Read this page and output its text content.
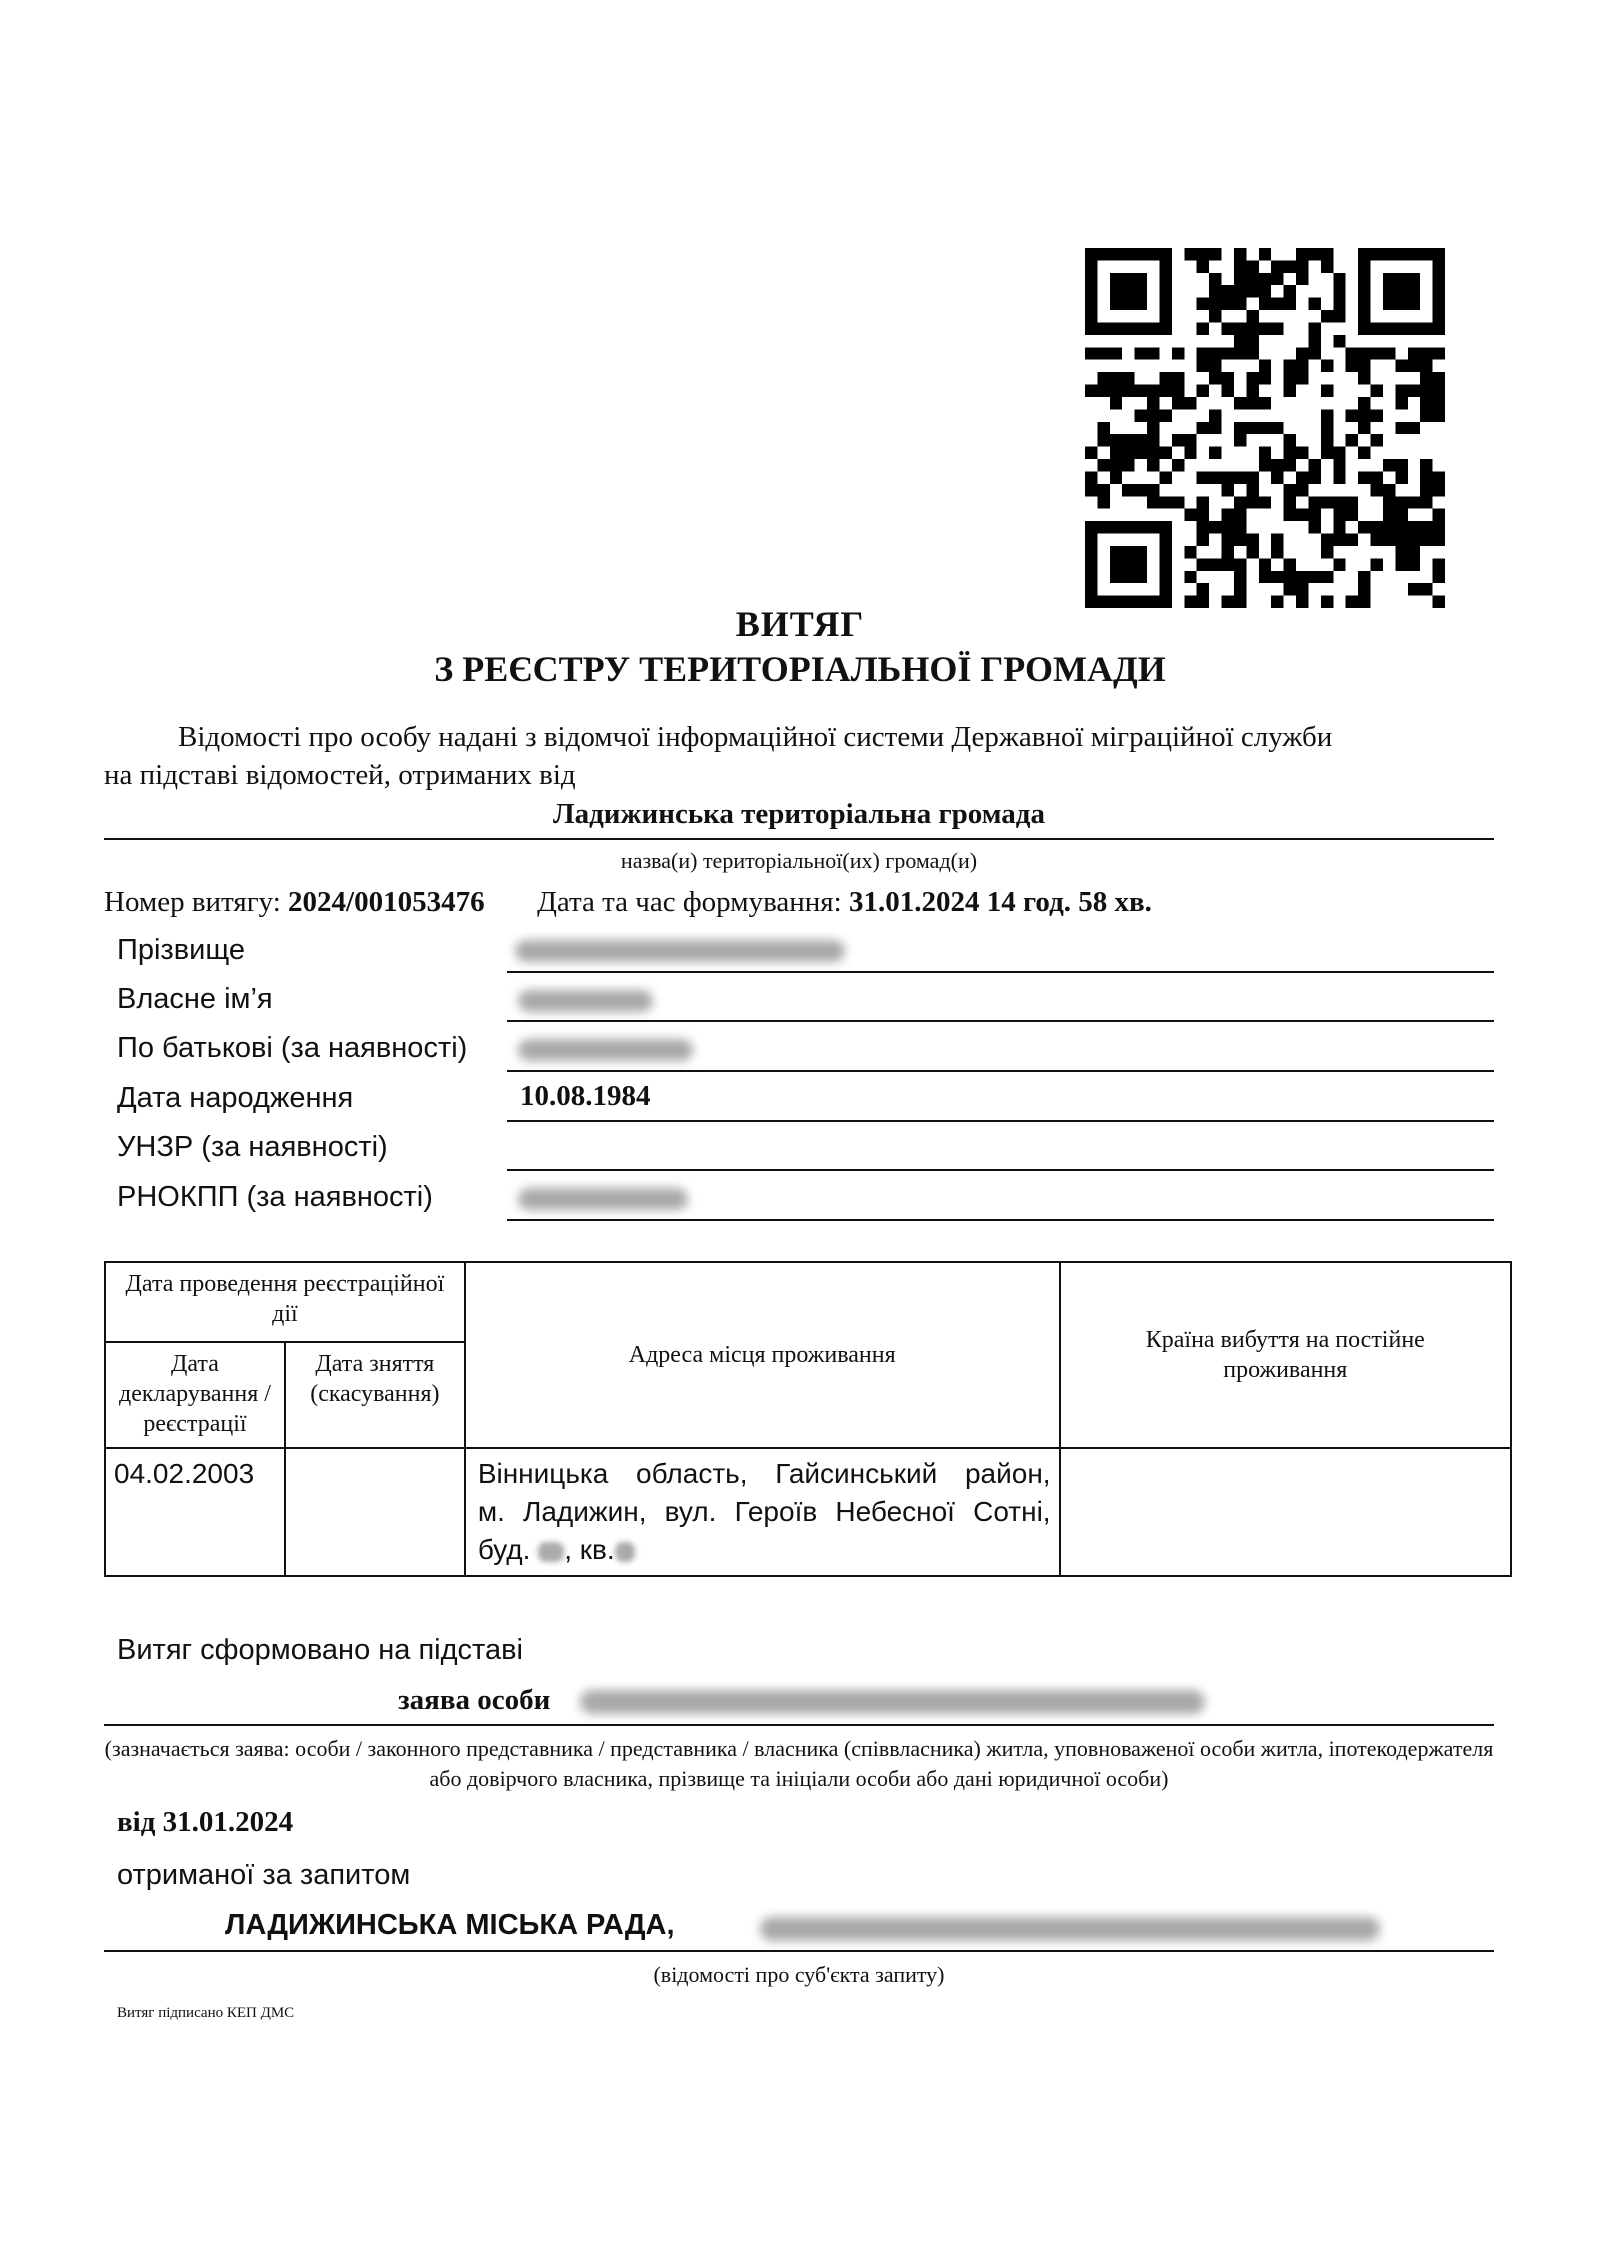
ВИТЯГ
З РЕЄСТРУ ТЕРИТОРІАЛЬНОЇ ГРОМАДИ
Відомості про особу надані з відомчої інформаційної системи Державної міграційної служби
на підставі відомостей, отриманих від
Ладижинська територіальна громада
назва(и) територіальної(их) громад(и)
Номер витягу: 2024/001053476 Дата та час формування: 31.01.2024 14 год. 58 хв.
Прізвище
Власне ім’я
По батькові (за наявності)
Дата народження	10.08.1984
УНЗР (за наявності)
РНОКПП (за наявності)
Дата проведення реєстраційної дії		Адреса місця проживання	Країна вибуття на постійне проживання
Дата декларування /реєстрації	Дата зняття (скасування)		
04.02.2003		Вінницька область, Гайсинський район,
м. Ладижин, вул. Героїв Небесної Сотні,
буд. , кв.	

Витяг сформовано на підставі
заява особи
(зазначається заява: особи / законного представника / представника / власника (співвласника) житла, уповноваженої особи житла, іпотекодержателя або довірчого власника, прізвище та ініціали особи або дані юридичної особи)
від 31.01.2024
отриманої за запитом
ЛАДИЖИНСЬКА МІСЬКА РАДА,
(відомості про суб'єкта запиту)
Витяг підписано КЕП ДМС
